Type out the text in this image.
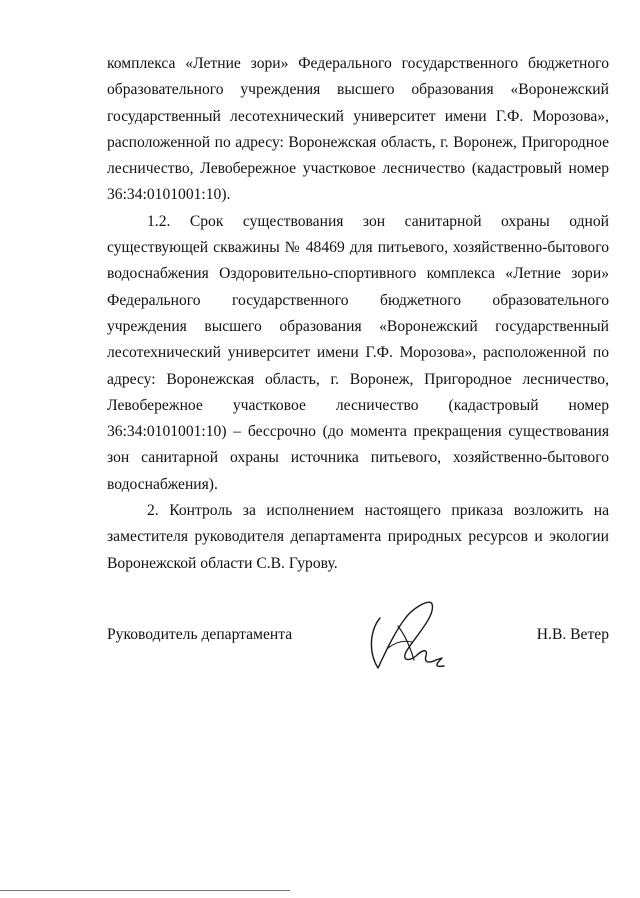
комплекса «Летние зори» Федерального государственного бюджетного образовательного учреждения высшего образования «Воронежский государственный лесотехнический университет имени Г.Ф. Морозова», расположенной по адресу: Воронежская область, г. Воронеж, Пригородное лесничество, Левобережное участковое лесничество (кадастровый номер 36:34:0101001:10).

1.2. Срок существования зон санитарной охраны одной существующей скважины № 48469 для питьевого, хозяйственно-бытового водоснабжения Оздоровительно-спортивного комплекса «Летние зори» Федерального государственного бюджетного образовательного учреждения высшего образования «Воронежский государственный лесотехнический университет имени Г.Ф. Морозова», расположенной по адресу: Воронежская область, г. Воронеж, Пригородное лесничество, Левобережное участковое лесничество (кадастровый номер 36:34:0101001:10) – бессрочно (до момента прекращения существования зон санитарной охраны источника питьевого, хозяйственно-бытового водоснабжения).

2. Контроль за исполнением настоящего приказа возложить на заместителя руководителя департамента природных ресурсов и экологии Воронежской области С.В. Гурову.

Руководитель департамента	Н.В. Ветер
